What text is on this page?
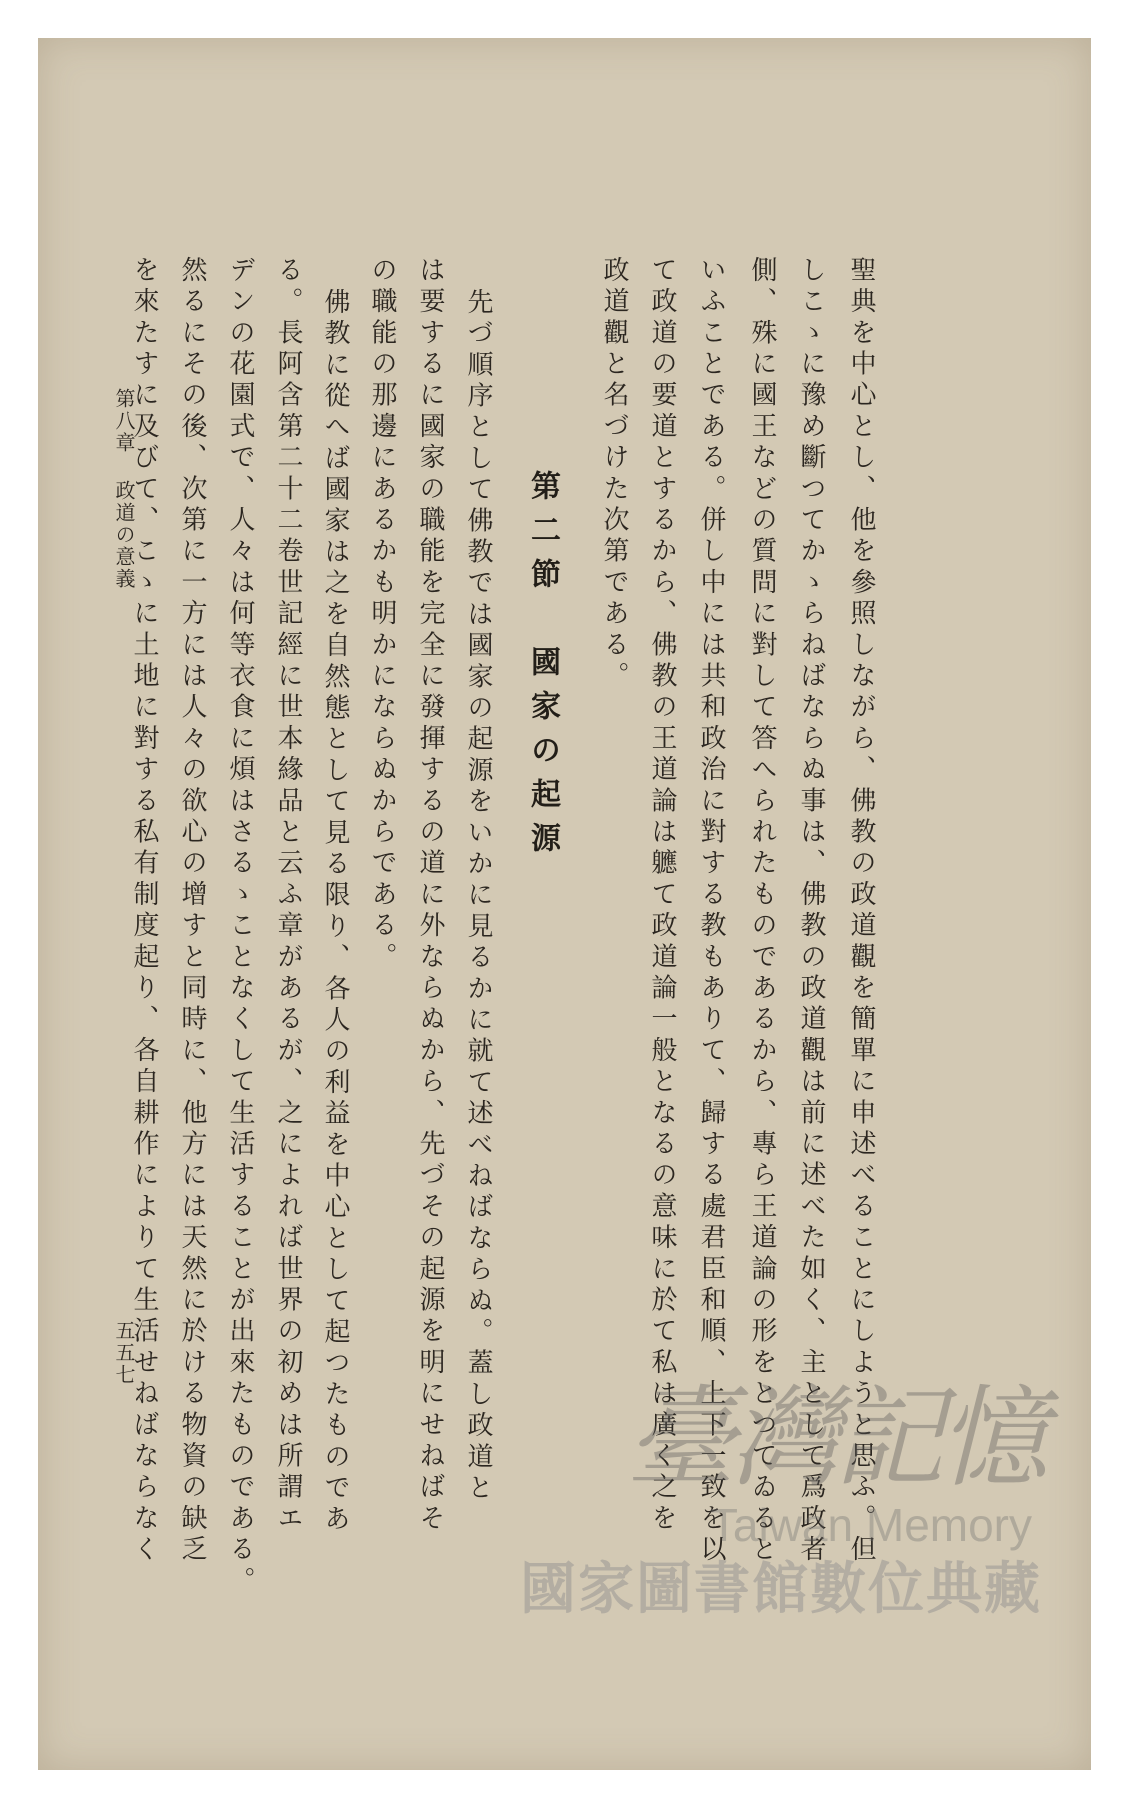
聖典を中心とし、他を參照しながら、佛教の政道觀を簡單に申述べることにしようと思ふ。但
しこゝに豫め斷つてかゝらねばならぬ事は、佛教の政道觀は前に述べた如く、主として爲政者
側、殊に國王などの質問に對して答へられたものであるから、專ら王道論の形をとつてゐると
いふことである。併し中には共和政治に對する教もありて、歸する處君臣和順、上下一致を以
て政道の要道とするから、佛教の王道論は軈て政道論一般となるの意味に於て私は廣く之を
政道觀と名づけた次第である。
第二節　國家の起源
先づ順序として佛教では國家の起源をいかに見るかに就て述べねばならぬ。蓋し政道と
は要するに國家の職能を完全に發揮するの道に外ならぬから、先づその起源を明にせねばそ
の職能の那邊にあるかも明かにならぬからである。
佛教に從へば國家は之を自然態として見る限り、各人の利益を中心として起つたものであ
る。長阿含第二十二卷世記經に世本緣品と云ふ章があるが、之によれば世界の初めは所謂エ
デンの花園式で、人々は何等衣食に煩はさるゝことなくして生活することが出來たものである。
然るにその後、次第に一方には人々の欲心の增すと同時に、他方には天然に於ける物資の缺乏
を來たすに及びて、こゝに土地に對する私有制度起り、各自耕作によりて生活せねばならなく
第八章政道の意義
五五七
臺灣記憶
Taiwan Memory
國家圖書館數位典藏
